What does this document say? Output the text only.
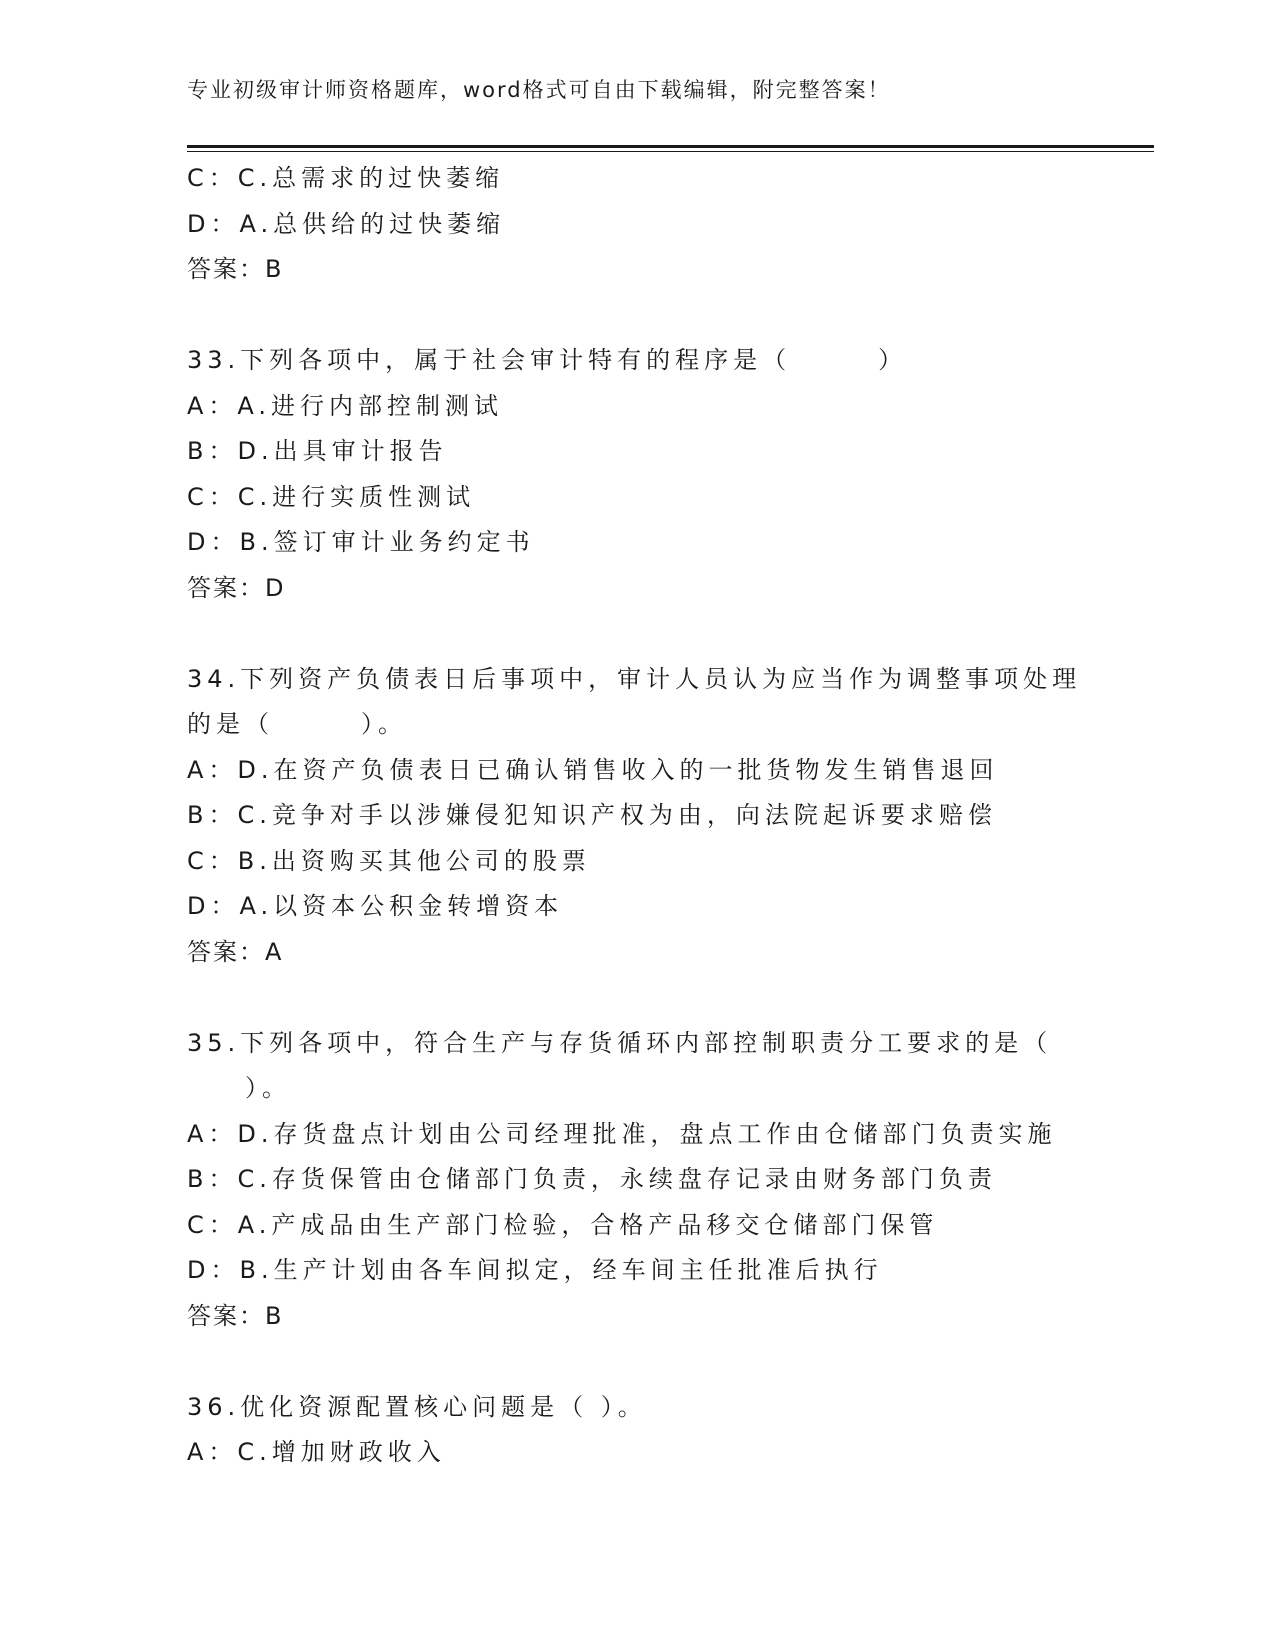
专业初级审计师资格题库，word格式可自由下载编辑，附完整答案！
C：C.总需求的过快萎缩
D：A.总供给的过快萎缩
答案：B
33.下列各项中，属于社会审计特有的程序是（　　　）
A：A.进行内部控制测试
B：D.出具审计报告
C：C.进行实质性测试
D：B.签订审计业务约定书
答案：D
34.下列资产负债表日后事项中，审计人员认为应当作为调整事项处理
的是（　　　）。
A：D.在资产负债表日已确认销售收入的一批货物发生销售退回
B：C.竞争对手以涉嫌侵犯知识产权为由，向法院起诉要求赔偿
C：B.出资购买其他公司的股票
D：A.以资本公积金转增资本
答案：A
35.下列各项中，符合生产与存货循环内部控制职责分工要求的是（
　　）。
A：D.存货盘点计划由公司经理批准，盘点工作由仓储部门负责实施
B：C.存货保管由仓储部门负责，永续盘存记录由财务部门负责
C：A.产成品由生产部门检验，合格产品移交仓储部门保管
D：B.生产计划由各车间拟定，经车间主任批准后执行
答案：B
36.优化资源配置核心问题是（ ）。
A：C.增加财政收入
